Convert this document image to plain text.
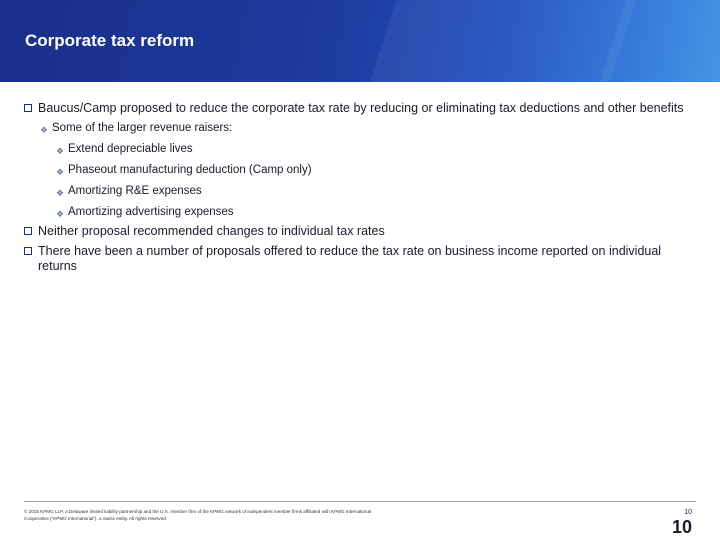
Corporate tax reform
Baucus/Camp proposed to reduce the corporate tax rate by reducing or eliminating tax deductions and other benefits
❖ Some of the larger revenue raisers:
❖ Extend depreciable lives
❖ Phaseout manufacturing deduction (Camp only)
❖ Amortizing R&E expenses
❖ Amortizing advertising expenses
Neither proposal recommended changes to individual tax rates
There have been a number of proposals offered to reduce the tax rate on business income reported on individual returns
© 2015 KPMG LLP, a Delaware limited liability partnership and the U.S. member firm of the KPMG network of independent member firms affiliated with KPMG International Cooperative ("KPMG International"), a Swiss entity. All rights reserved.
10
10
